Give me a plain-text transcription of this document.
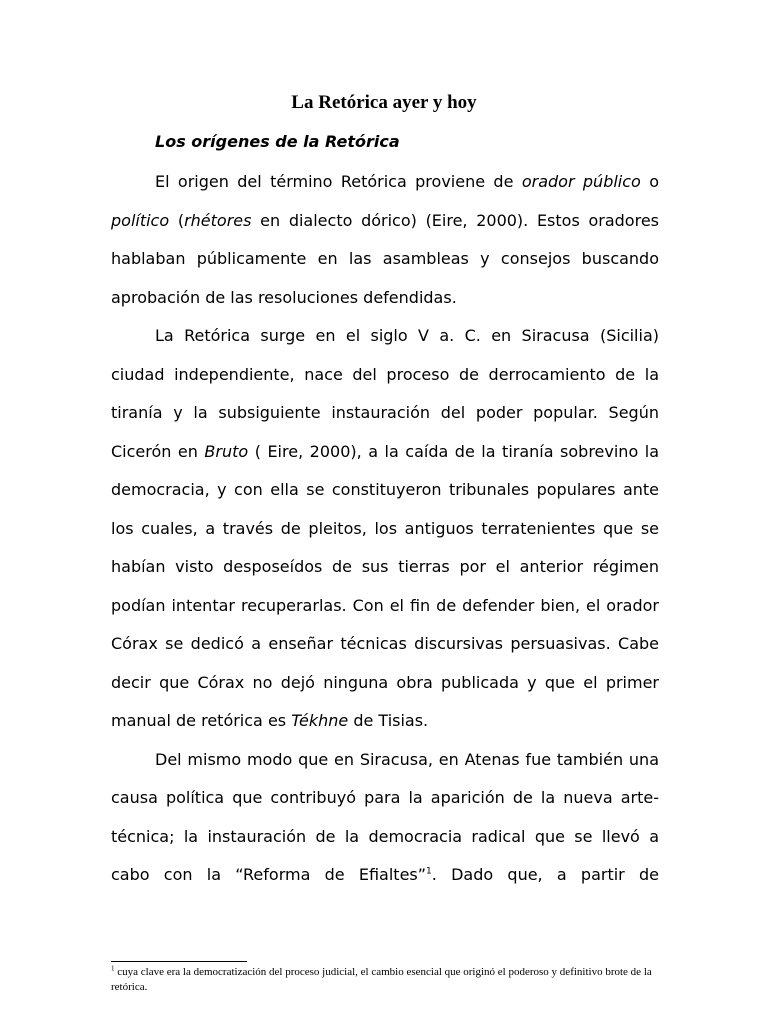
La Retórica ayer y hoy
Los orígenes de la Retórica

El origen del término Retórica proviene de orador público o político (rhétores en dialecto dórico) (Eire, 2000). Estos oradores hablaban públicamente en las asambleas y consejos buscando aprobación de las resoluciones defendidas.

La Retórica surge en el siglo V a. C. en Siracusa (Sicilia) ciudad independiente, nace del proceso de derrocamiento de la tiranía y la subsiguiente instauración del poder popular. Según Cicerón en Bruto ( Eire, 2000), a la caída de la tiranía sobrevino la democracia, y con ella se constituyeron tribunales populares ante los cuales, a través de pleitos, los antiguos terratenientes que se habían visto desposeídos de sus tierras por el anterior régimen podían intentar recuperarlas. Con el fin de defender bien, el orador Córax se dedicó a enseñar técnicas discursivas persuasivas. Cabe decir que Córax no dejó ninguna obra publicada y que el primer manual de retórica es Tékhne de Tisias.

Del mismo modo que en Siracusa, en Atenas fue también una causa política que contribuyó para la aparición de la nueva arte-técnica; la instauración de la democracia radical que se llevó a cabo con la “Reforma de Efialtes”$^1$. Dado que, a partir de

$^1$ cuya clave era la democratización del proceso judicial, el cambio esencial que originó el poderoso y definitivo brote de la retórica.
